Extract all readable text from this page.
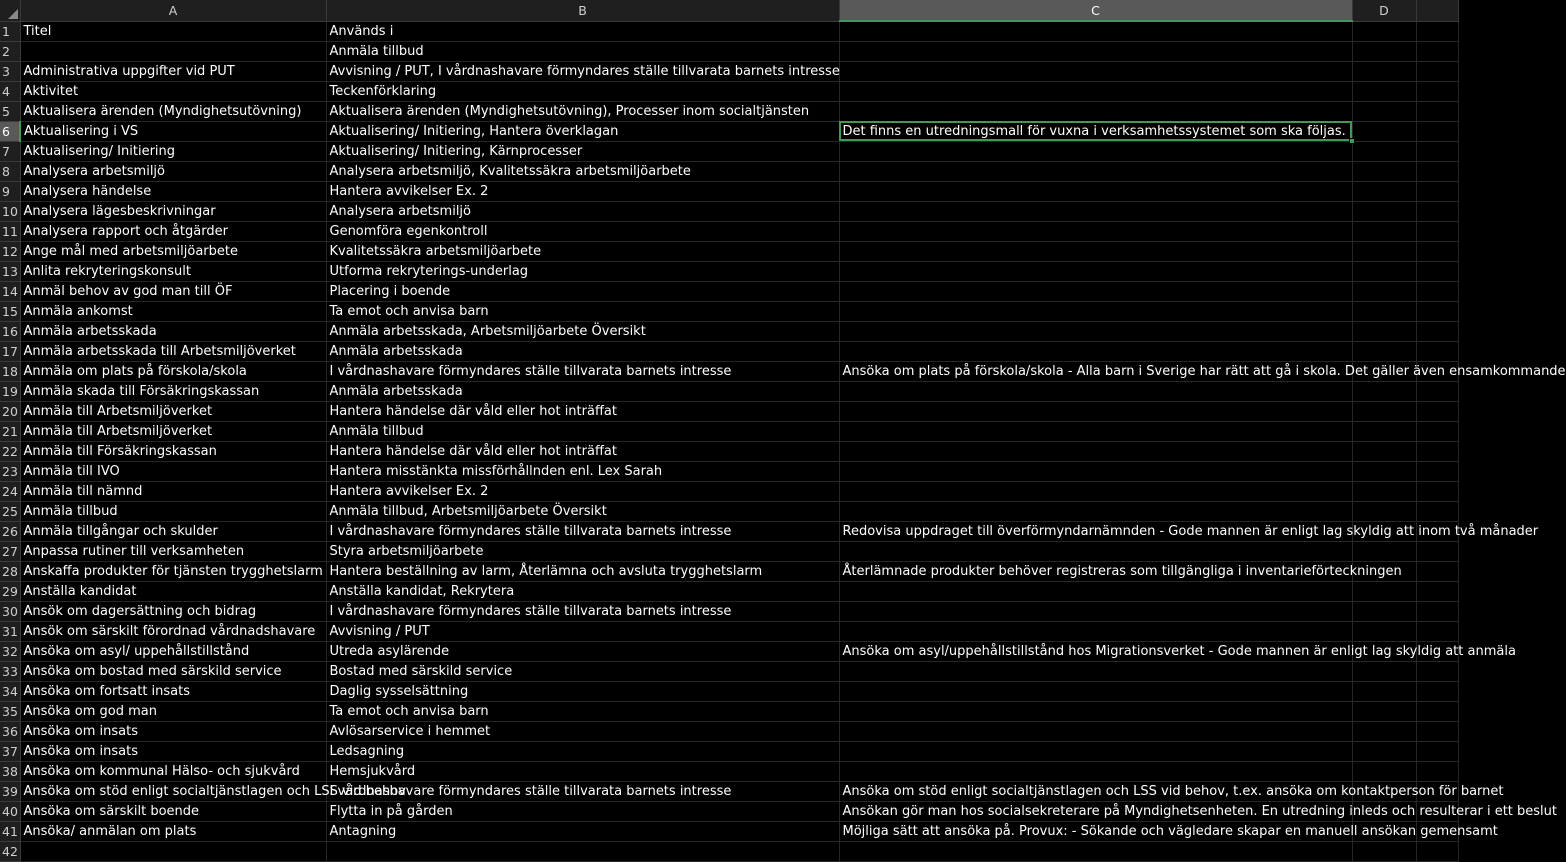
	A	B	C	D	
1	Titel	Används i			
2		Anmäla tillbud			
3	Administrativa uppgifter vid PUT	Avvisning / PUT, I vårdnashavare förmyndares ställe tillvarata barnets intresse			
4	Aktivitet	Teckenförklaring			
5	Aktualisera ärenden (Myndighetsutövning)	Aktualisera ärenden (Myndighetsutövning), Processer inom socialtjänsten			
6	Aktualisering i VS	Aktualisering/ Initiering, Hantera överklagan	Det finns en utredningsmall för vuxna i verksamhetssystemet som ska följas.

7	Aktualisering/ Initiering	Aktualisering/ Initiering, Kärnprocesser			
8	Analysera arbetsmiljö	Analysera arbetsmiljö, Kvalitetssäkra arbetsmiljöarbete			
9	Analysera händelse	Hantera avvikelser Ex. 2			
10	Analysera lägesbeskrivningar	Analysera arbetsmiljö			
11	Analysera rapport och åtgärder	Genomföra egenkontroll			
12	Ange mål med arbetsmiljöarbete	Kvalitetssäkra arbetsmiljöarbete			
13	Anlita rekryteringskonsult	Utforma rekryterings-underlag			
14	Anmäl behov av god man till ÖF	Placering i boende			
15	Anmäla ankomst	Ta emot och anvisa barn			
16	Anmäla arbetsskada	Anmäla arbetsskada, Arbetsmiljöarbete Översikt			
17	Anmäla arbetsskada till Arbetsmiljöverket	Anmäla arbetsskada			
18	Anmäla om plats på förskola/skola	I vårdnashavare förmyndares ställe tillvarata barnets intresse	Ansöka om plats på förskola/skola - Alla barn i Sverige har rätt att gå i skola. Det gäller även ensamkommande		
19	Anmäla skada till Försäkringskassan	Anmäla arbetsskada			
20	Anmäla till Arbetsmiljöverket	Hantera händelse där våld eller hot inträffat			
21	Anmäla till Arbetsmiljöverket	Anmäla tillbud			
22	Anmäla till Försäkringskassan	Hantera händelse där våld eller hot inträffat			
23	Anmäla till IVO	Hantera misstänkta missförhållnden enl. Lex Sarah			
24	Anmäla till nämnd	Hantera avvikelser Ex. 2			
25	Anmäla tillbud	Anmäla tillbud, Arbetsmiljöarbete Översikt			
26	Anmäla tillgångar och skulder	I vårdnashavare förmyndares ställe tillvarata barnets intresse	Redovisa uppdraget till överförmyndarnämnden - Gode mannen är enligt lag skyldig att inom två månader		
27	Anpassa rutiner till verksamheten	Styra arbetsmiljöarbete			
28	Anskaffa produkter för tjänsten trygghetslarm	Hantera beställning av larm, Återlämna och avsluta trygghetslarm	Återlämnade produkter behöver registreras som tillgängliga i inventarieförteckningen		
29	Anställa kandidat	Anställa kandidat, Rekrytera			
30	Ansök om dagersättning och bidrag	I vårdnashavare förmyndares ställe tillvarata barnets intresse			
31	Ansök om särskilt förordnad vårdnadshavare	Avvisning / PUT			
32	Ansöka om asyl/ uppehållstillstånd	Utreda asylärende	Ansöka om asyl/uppehållstillstånd hos Migrationsverket - Gode mannen är enligt lag skyldig att anmäla		
33	Ansöka om bostad med särskild service	Bostad med särskild service			
34	Ansöka om fortsatt insats	Daglig sysselsättning			
35	Ansöka om god man	Ta emot och anvisa barn			
36	Ansöka om insats	Avlösarservice i hemmet			
37	Ansöka om insats	Ledsagning			
38	Ansöka om kommunal Hälso- och sjukvård	Hemsjukvård			
39	Ansöka om stöd enligt socialtjänstlagen och LSS vid behov	I vårdnashavare förmyndares ställe tillvarata barnets intresse	Ansöka om stöd enligt socialtjänstlagen och LSS vid behov, t.ex. ansöka om kontaktperson för barnet		
40	Ansöka om särskilt boende	Flytta in på gården	Ansökan gör man hos socialsekreterare på Myndighetsenheten. En utredning inleds och resulterar i ett beslut		
41	Ansöka/ anmälan om plats	Antagning	Möjliga sätt att ansöka på. Provux: - Sökande och vägledare skapar en manuell ansökan gemensamt		
42					
